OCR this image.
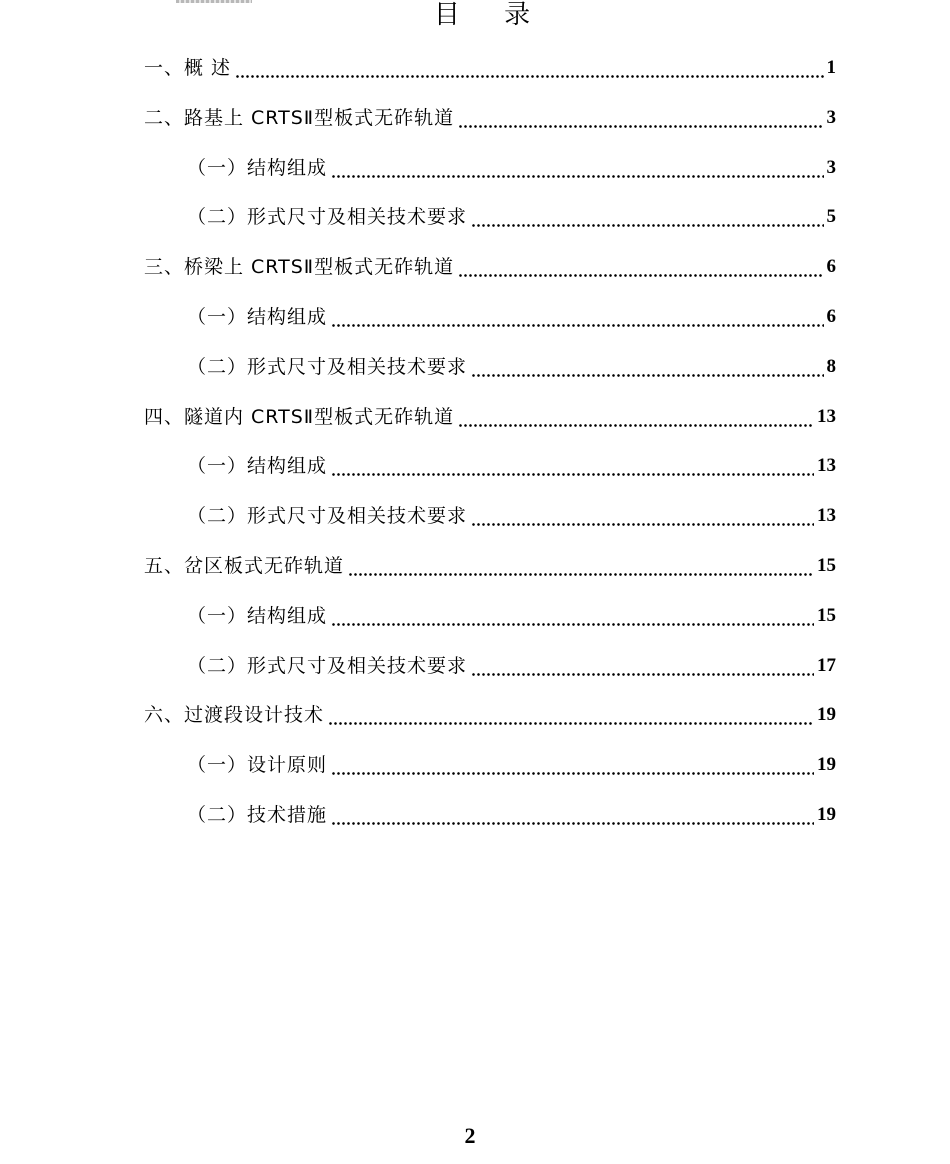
目 录
一、概 述	1
二、路基上 CRTSⅡ型板式无砟轨道	3
（一）结构组成	3
（二）形式尺寸及相关技术要求	5
三、桥梁上 CRTSⅡ型板式无砟轨道	6
（一）结构组成	6
（二）形式尺寸及相关技术要求	8
四、隧道内 CRTSⅡ型板式无砟轨道	13
（一）结构组成	13
（二）形式尺寸及相关技术要求	13
五、岔区板式无砟轨道	15
（一）结构组成	15
（二）形式尺寸及相关技术要求	17
六、过渡段设计技术	19
（一）设计原则	19
（二）技术措施	19
2
